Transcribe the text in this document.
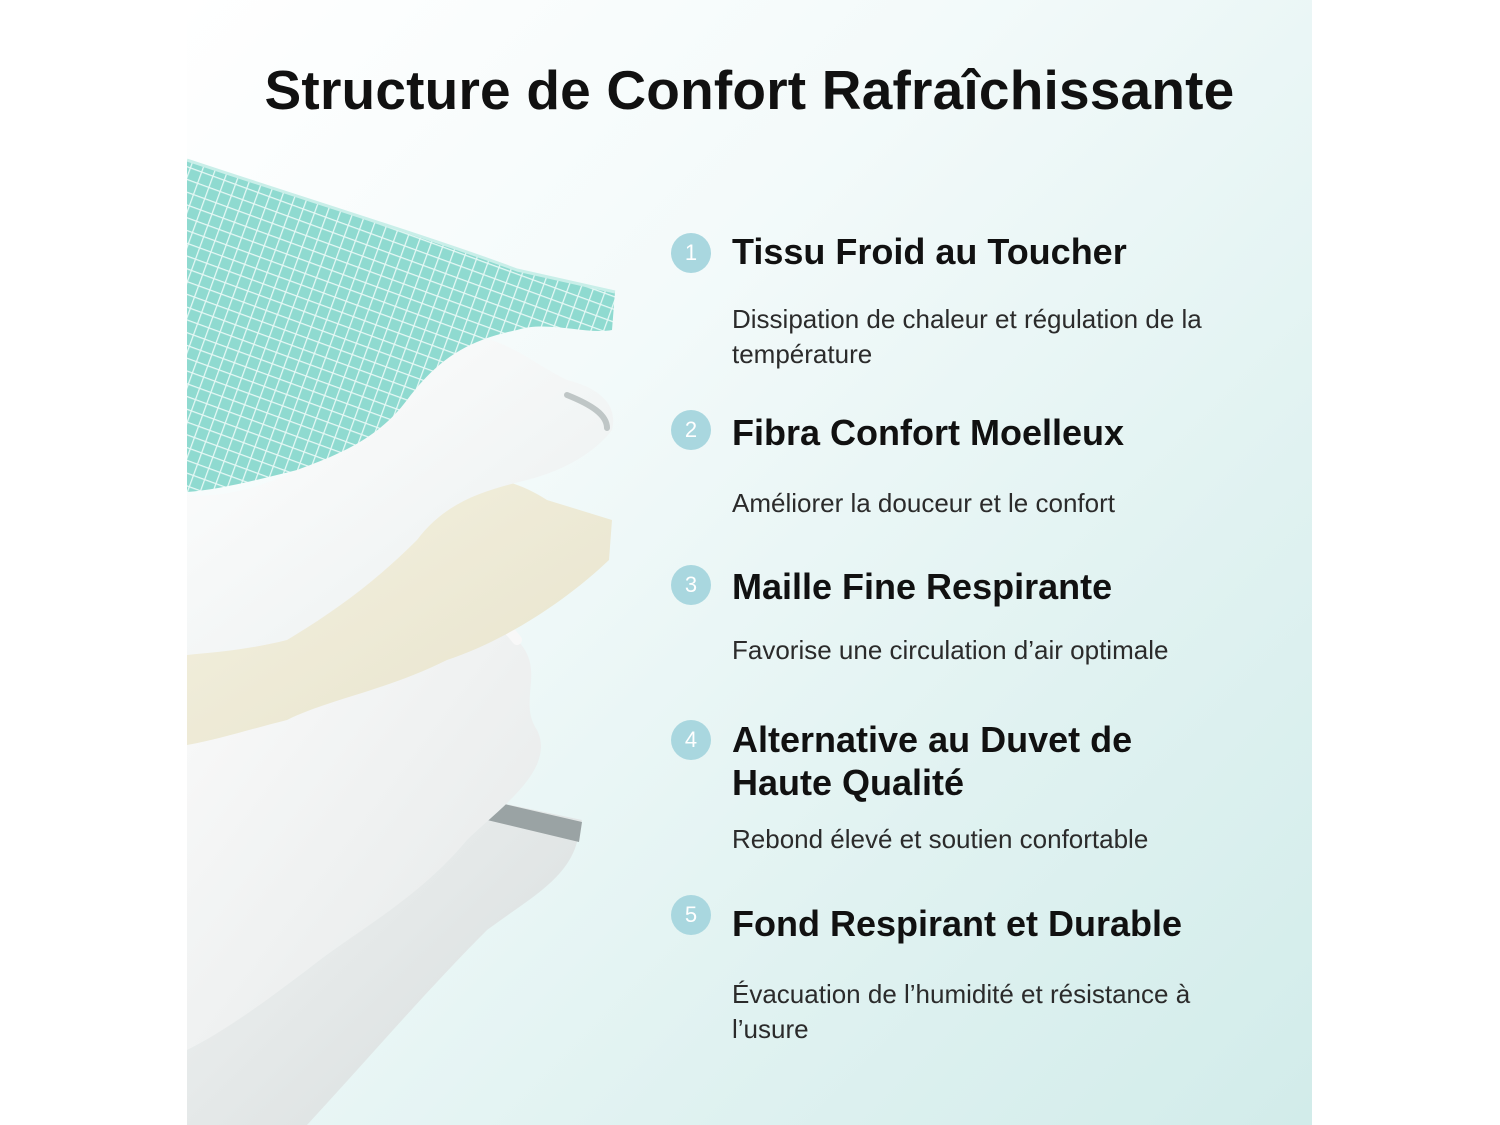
Structure de Confort Rafraîchissante
1 Tissu Froid au Toucher
Dissipation de chaleur et régulation de la température
2 Fibra Confort Moelleux
Améliorer la douceur et le confort
3 Maille Fine Respirante
Favorise une circulation d’air optimale
4 Alternative au Duvet de Haute Qualité
Rebond élevé et soutien confortable
5 Fond Respirant et Durable
Évacuation de l’humidité et résistance à l’usure
